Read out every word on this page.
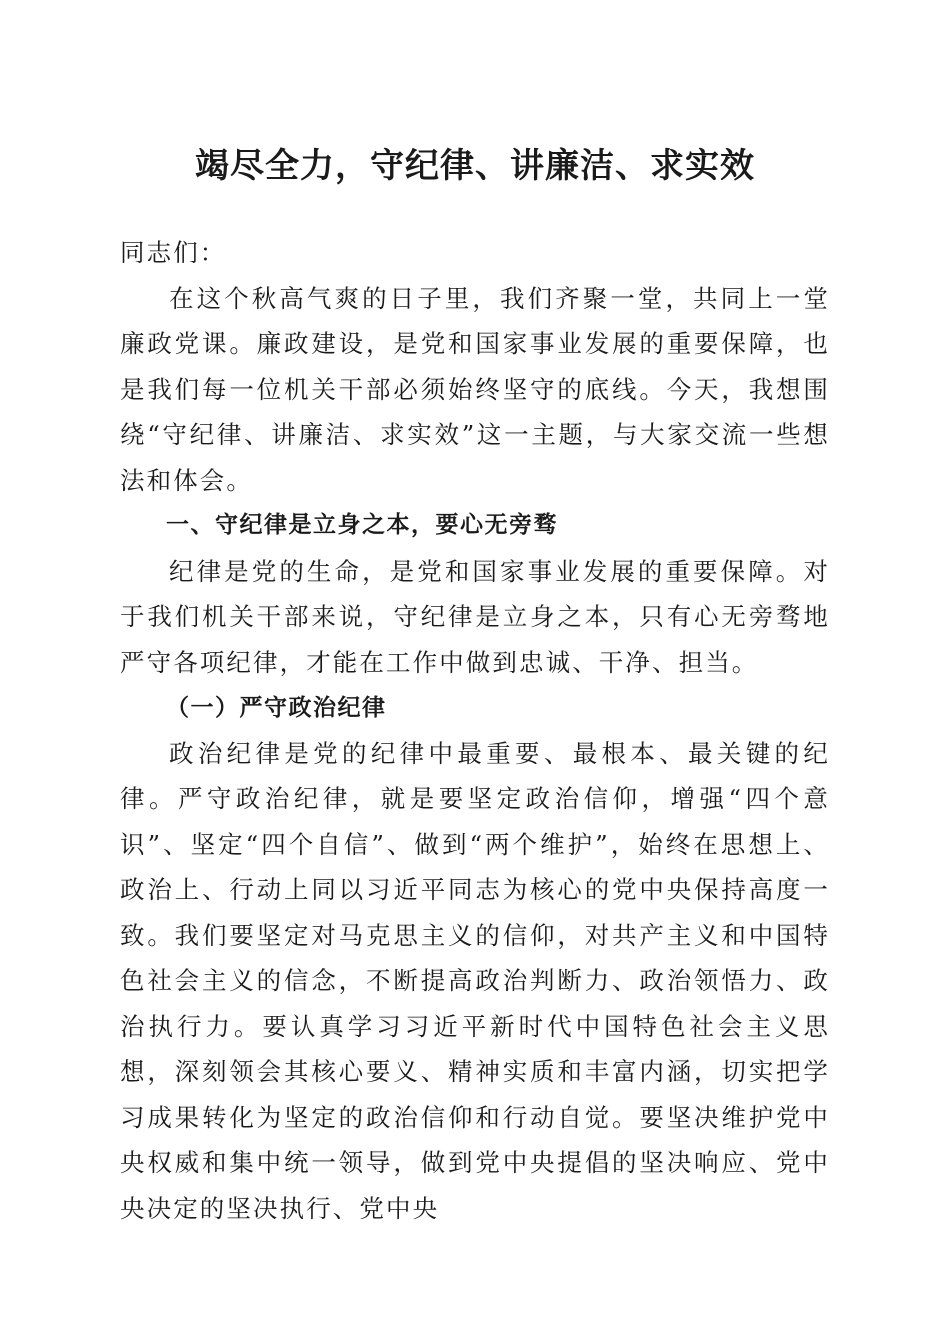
竭尽全力，守纪律、讲廉洁、求实效

同志们：

在这个秋高气爽的日子里，我们齐聚一堂，共同上一堂廉政党课。廉政建设，是党和国家事业发展的重要保障，也是我们每一位机关干部必须始终坚守的底线。今天，我想围绕“守纪律、讲廉洁、求实效”这一主题，与大家交流一些想法和体会。

一、守纪律是立身之本，要心无旁骛

纪律是党的生命，是党和国家事业发展的重要保障。对于我们机关干部来说，守纪律是立身之本，只有心无旁骛地严守各项纪律，才能在工作中做到忠诚、干净、担当。

（一）严守政治纪律

政治纪律是党的纪律中最重要、最根本、最关键的纪律。严守政治纪律，就是要坚定政治信仰，增强“四个意识”、坚定“四个自信”、做到“两个维护”，始终在思想上、政治上、行动上同以习近平同志为核心的党中央保持高度一致。我们要坚定对马克思主义的信仰，对共产主义和中国特色社会主义的信念，不断提高政治判断力、政治领悟力、政治执行力。要认真学习习近平新时代中国特色社会主义思想，深刻领会其核心要义、精神实质和丰富内涵，切实把学习成果转化为坚定的政治信仰和行动自觉。要坚决维护党中央权威和集中统一领导，做到党中央提倡的坚决响应、党中央决定的坚决执行、党中央
